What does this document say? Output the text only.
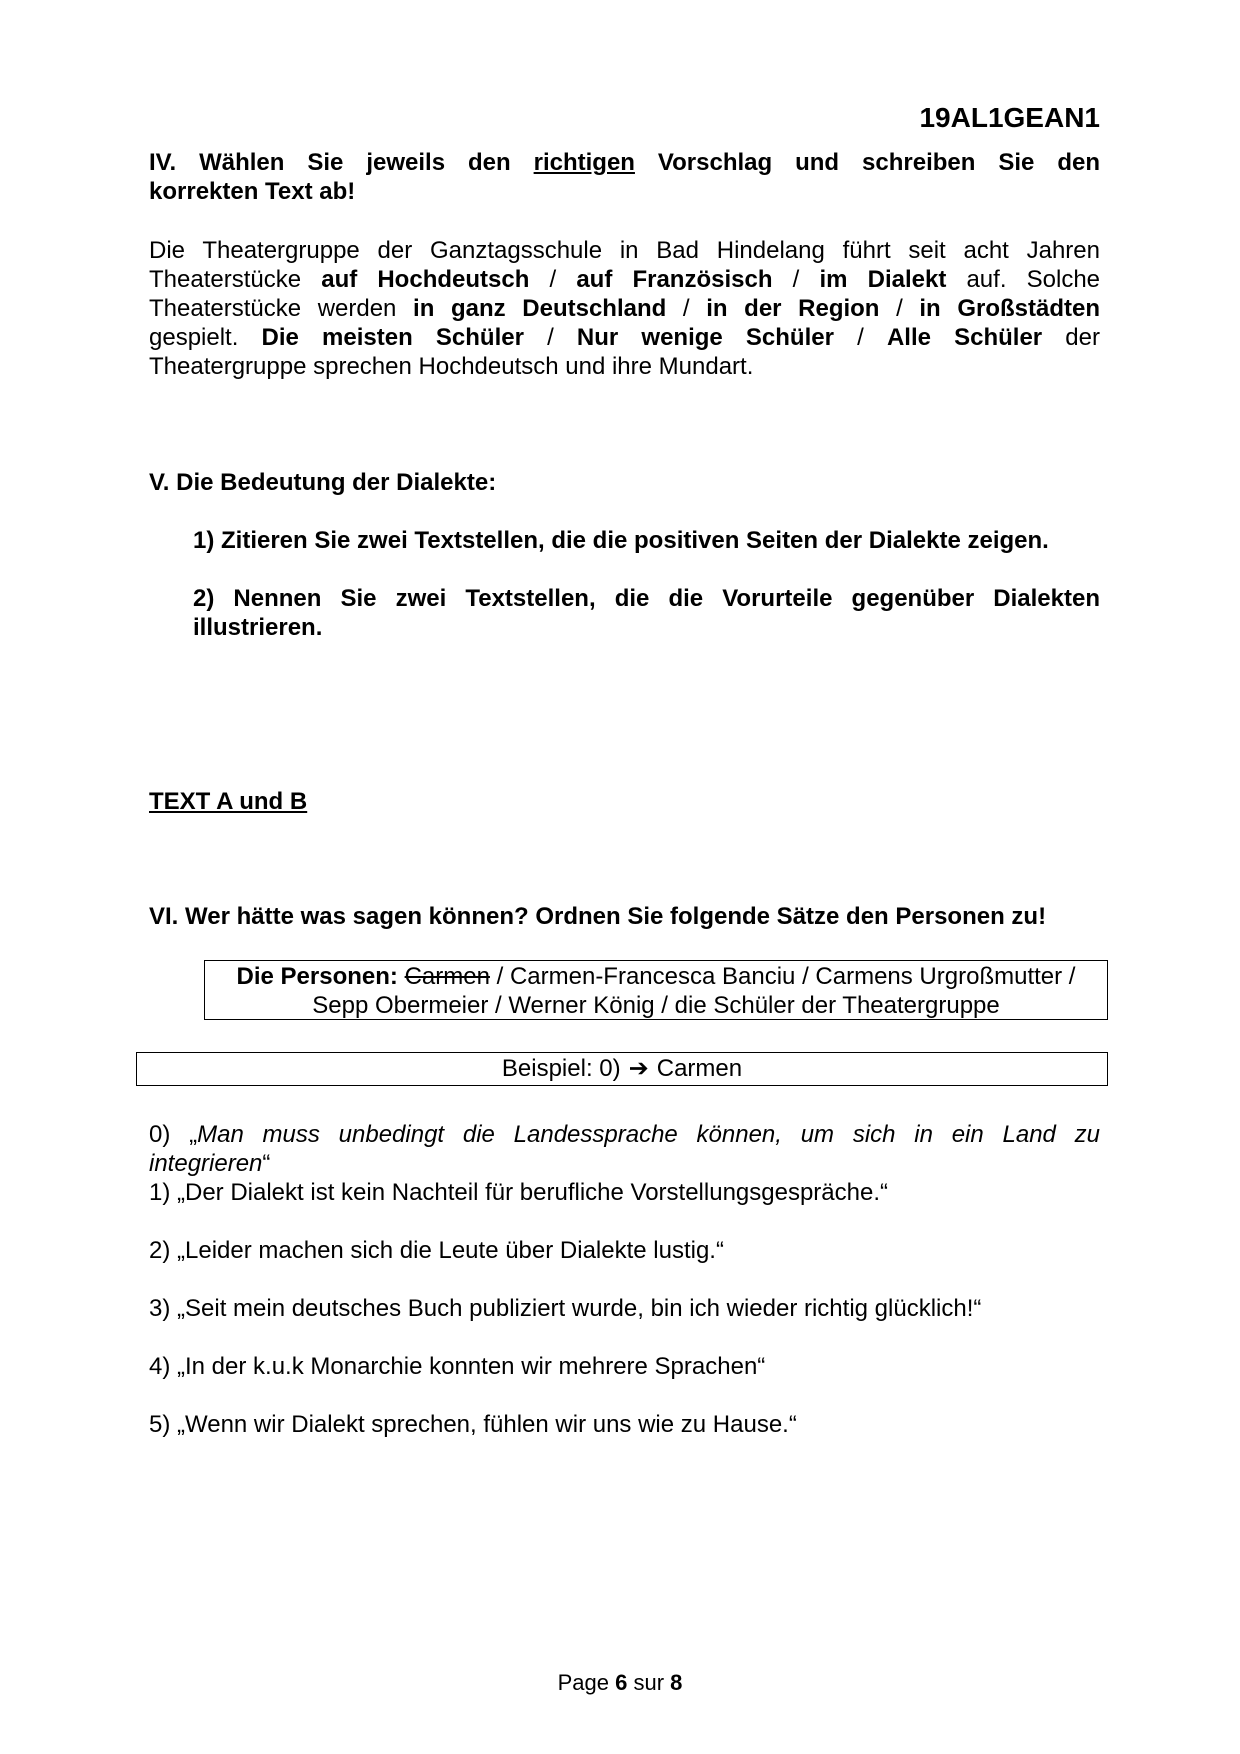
19AL1GEAN1
IV. Wählen Sie jeweils den richtigen Vorschlag und schreiben Sie den
korrekten Text ab!
Die Theatergruppe der Ganztagsschule in Bad Hindelang führt seit acht Jahren
Theaterstücke auf Hochdeutsch / auf Französisch / im Dialekt auf. Solche
Theaterstücke werden in ganz Deutschland / in der Region / in Großstädten
gespielt. Die meisten Schüler / Nur wenige Schüler / Alle Schüler der
Theatergruppe sprechen Hochdeutsch und ihre Mundart.
V. Die Bedeutung der Dialekte:
1) Zitieren Sie zwei Textstellen, die die positiven Seiten der Dialekte zeigen.
2) Nennen Sie zwei Textstellen, die die Vorurteile gegenüber Dialekten
illustrieren.
TEXT A und B
VI. Wer hätte was sagen können? Ordnen Sie folgende Sätze den Personen zu!
Die Personen: Carmen / Carmen-Francesca Banciu / Carmens Urgroßmutter /
Sepp Obermeier / Werner König / die Schüler der Theatergruppe
Beispiel: 0) ➔ Carmen
0) „Man muss unbedingt die Landessprache können, um sich in ein Land zu
integrieren“
1) „Der Dialekt ist kein Nachteil für berufliche Vorstellungsgespräche.“
2) „Leider machen sich die Leute über Dialekte lustig.“
3) „Seit mein deutsches Buch publiziert wurde, bin ich wieder richtig glücklich!“
4) „In der k.u.k Monarchie konnten wir mehrere Sprachen“
5) „Wenn wir Dialekt sprechen, fühlen wir uns wie zu Hause.“
Page 6 sur 8
